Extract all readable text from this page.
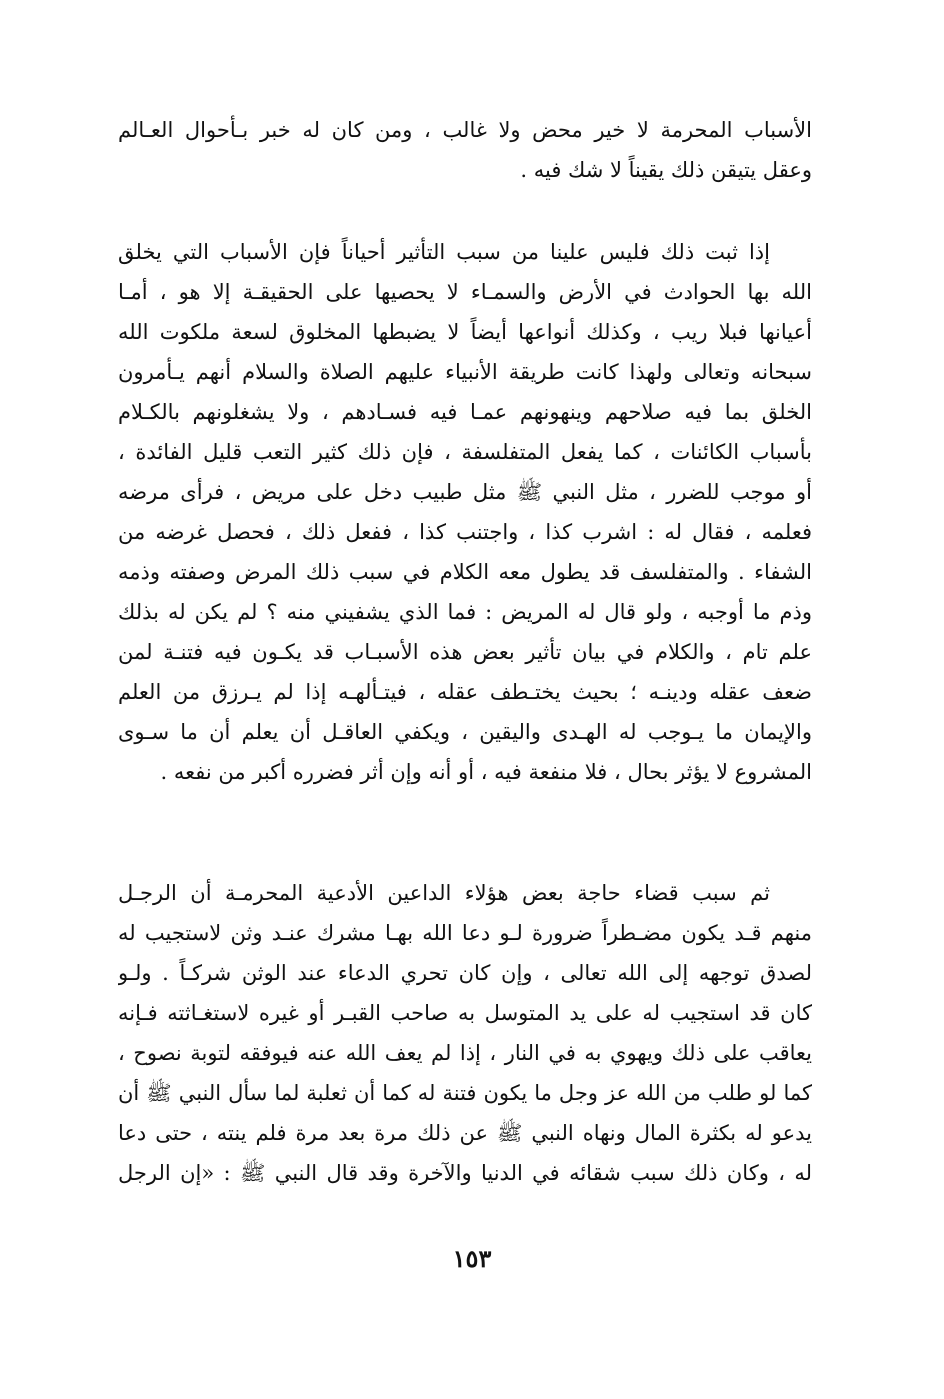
الأسباب المحرمة لا خير محض ولا غالب ، ومن كان له خبر بـأحوال العـالم
وعقل يتيقن ذلك يقيناً لا شك فيه .
إذا ثبت ذلك فليس علينا من سبب التأثير أحياناً فإن الأسباب التي يخلق
الله بها الحوادث في الأرض والسمـاء لا يحصيها على الحقيقـة إلا هو ، أمـا
أعيانها فبلا ريب ، وكذلك أنواعها أيضاً لا يضبطها المخلوق لسعة ملكوت الله
سبحانه وتعالى ولهذا كانت طريقة الأنبياء عليهم الصلاة والسلام أنهم يـأمرون
الخلق بما فيه صلاحهم وينهونهم عمـا فيه فسـادهم ، ولا يشغلونهم بالكـلام
بأسباب الكائنات ، كما يفعل المتفلسفة ، فإن ذلك كثير التعب قليل الفائدة ،
أو موجب للضرر ، مثل النبي ﷺ مثل طبيب دخل على مريض ، فرأى مرضه
فعلمه ، فقال له : اشرب كذا ، واجتنب كذا ، ففعل ذلك ، فحصل غرضه من
الشفاء . والمتفلسف قد يطول معه الكلام في سبب ذلك المرض وصفته وذمه
وذم ما أوجبه ، ولو قال له المريض : فما الذي يشفيني منه ؟ لم يكن له بذلك
علم تام ، والكلام في بيان تأثير بعض هذه الأسبـاب قد يكـون فيه فتنـة لمن
ضعف عقله ودينـه ؛ بحيث يختـطف عقله ، فيتـألهـه إذا لم يـرزق من العلم
والإيمان ما يـوجب له الهـدى واليقين ، ويكفي العاقـل أن يعلم أن ما سـوى
المشروع لا يؤثر بحال ، فلا منفعة فيه ، أو أنه وإن أثر فضرره أكبر من نفعه .
ثم سبب قضاء حاجة بعض هؤلاء الداعين الأدعية المحرمـة أن الرجـل
منهم قـد يكون مضـطراً ضرورة لـو دعا الله بهـا مشرك عنـد وثن لاستجيب له
لصدق توجهه إلى الله تعالى ، وإن كان تحري الدعاء عند الوثن شركـاً . ولـو
كان قد استجيب له على يد المتوسل به صاحب القبـر أو غيره لاستغـاثته فـإنه
يعاقب على ذلك ويهوي به في النار ، إذا لم يعف الله عنه فيوفقه لتوبة نصوح ،
كما لو طلب من الله عز وجل ما يكون فتنة له كما أن ثعلبة لما سأل النبي ﷺ أن
يدعو له بكثرة المال ونهاه النبي ﷺ عن ذلك مرة بعد مرة فلم ينته ، حتى دعا
له ، وكان ذلك سبب شقائه في الدنيا والآخرة وقد قال النبي ﷺ : «إن الرجل
١٥٣
